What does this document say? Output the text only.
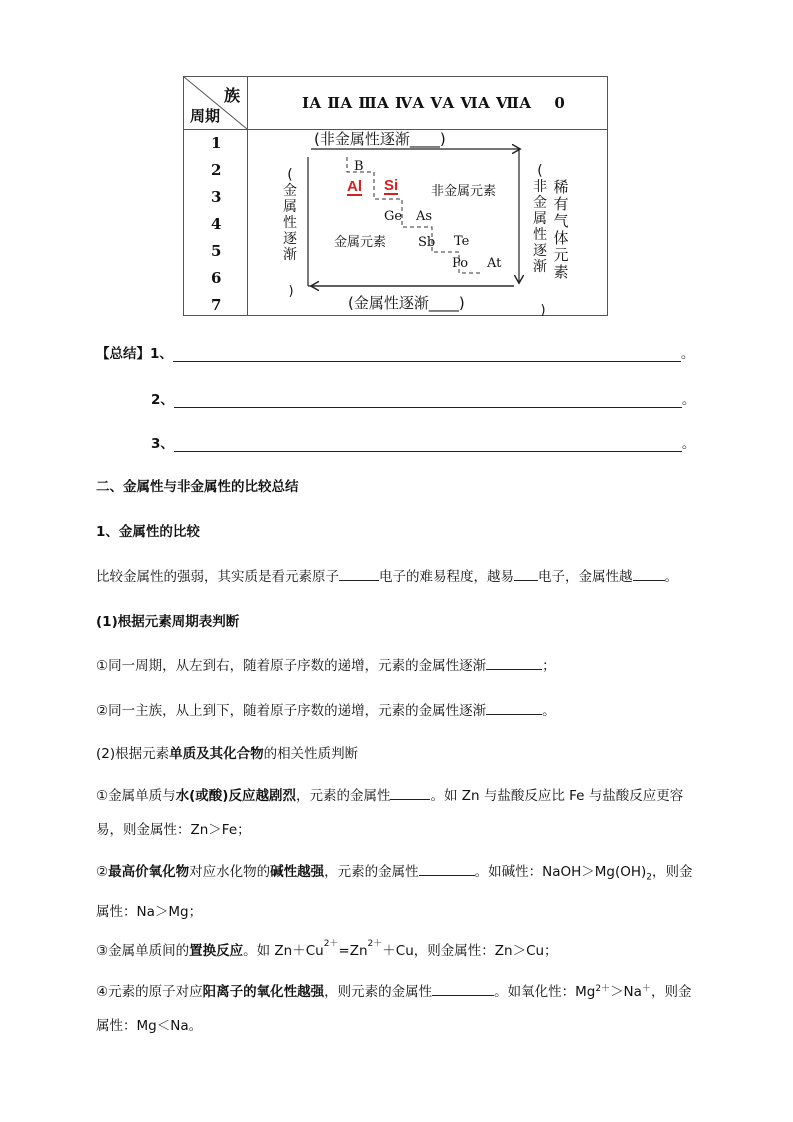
族
周期
ⅠA ⅡA ⅢA ⅣA ⅤA ⅥA ⅦA    0
1
2
3
4
5
6
7
(非金属性逐渐____)
(金属性逐渐____)
(
金
属
性
逐
渐
)
(
非
金
属
性
逐
渐
)
稀
有
气
体
元
素
B
Al Si	非金属元素
Ge As
金属元素 Sb Te
Po At
【总结】 1、	。
2、	。
3、	。
二、金属性与非金属性的比较总结
1、金属性的比较
比较金属性的强弱，其实质是看元素原子	电子的难易程度，越易 电子，金属性越 。
(1)根据元素周期表判断
①同一周期，从左到右，随着原子序数的递增，元素的金属性逐渐	；
②同一主族，从上到下，随着原子序数的递增，元素的金属性逐渐	。
(2)根据元素单质及其化合物的相关性质判断
①金属单质与水(或酸)反应越剧烈，元素的金属性	。如 Zn 与盐酸反应比 Fe 与盐酸反应更容易，则金属性：Zn＞Fe；
②最高价氧化物对应水化物的碱性越强，元素的金属性	。如碱性：$NaOH>Mg(OH)_2$，则金属性：Na＞Mg；
③金属单质间的置换反应。如 $Zn+Cu^{2+}=Zn^{2+}+Cu$，则金属性：Zn＞Cu；
④元素的原子对应阳离子的氧化性越强，则元素的金属性	。如氧化性：$Mg^{2+}>Na^+$，则金属性：Mg＜Na。
